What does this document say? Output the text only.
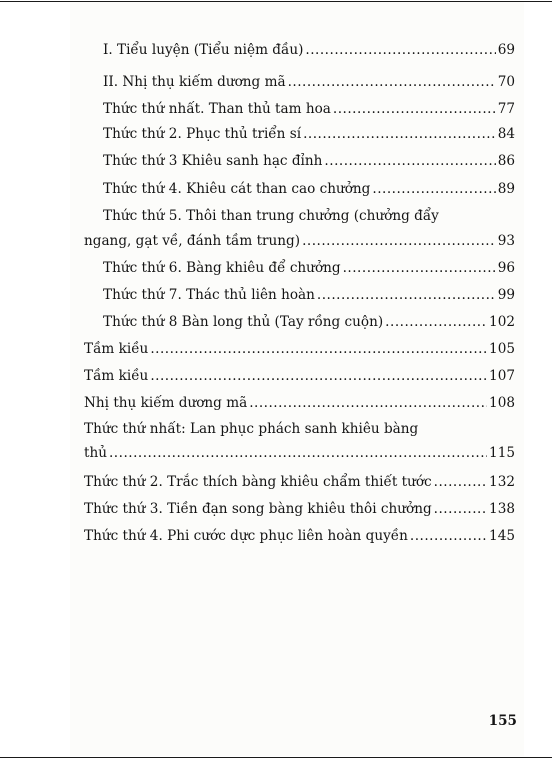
I. Tiểu luyện (Tiểu niệm đầu) .....	69
II. Nhị thụ kiếm dương mã .....	70
Thức thứ nhất. Than thủ tam hoa .....	77
Thức thứ 2. Phục thủ triển sí .....	84
Thức thứ 3 Khiêu sanh hạc đỉnh .....	86
Thức thứ 4. Khiêu cát than cao chưởng .....	89
Thức thứ 5. Thôi than trung chưởng (chưởng đẩy
ngang, gạt về, đánh tầm trung) .....	93
Thức thứ 6. Bàng khiêu để chưởng .....	96
Thức thứ 7. Thác thủ liên hoàn .....	99
Thức thứ 8 Bàn long thủ (Tay rồng cuộn) .....	102
Tầm kiều .....	105
Tầm kiều .....	107
Nhị thụ kiếm dương mã .....	108
Thức thứ nhất: Lan phục phách sanh khiêu bàng
thủ .....	115
Thức thứ 2. Trắc thích bàng khiêu chẩm thiết tước .....	132
Thức thứ 3. Tiền đạn song bàng khiêu thôi chưởng .....	138
Thức thứ 4. Phi cước dực phục liên hoàn quyền .....	145
155
